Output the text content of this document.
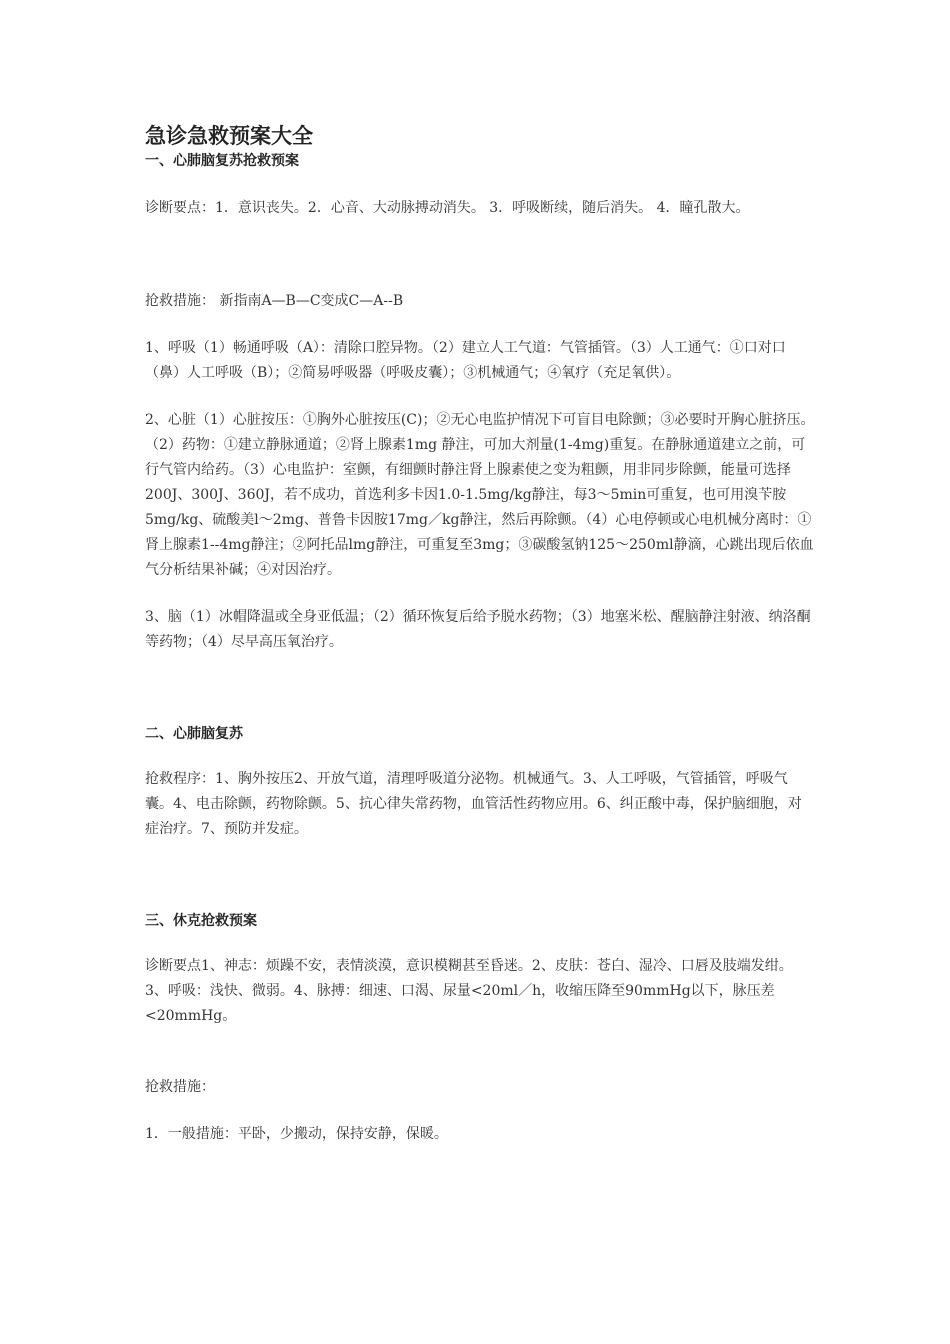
急诊急救预案大全
一、心肺脑复苏抢救预案

诊断要点：1．意识丧失。2．心音、大动脉搏动消失。 3．呼吸断续，随后消失。 4．瞳孔散大。

抢救措施： 新指南A—B—C变成C—A--B

1、呼吸（1）畅通呼吸（A）：清除口腔异物。（2）建立人工气道：气管插管。（3）人工通气：①口对口（鼻）人工呼吸（B）；②简易呼吸器（呼吸皮囊）；③机械通气；④氧疗（充足氧供）。

2、心脏（1）心脏按压：①胸外心脏按压(C)；②无心电监护情况下可盲目电除颤；③必要时开胸心脏挤压。（2）药物：①建立静脉通道；②肾上腺素1mg 静注，可加大剂量(1-4mg)重复。在静脉通道建立之前，可行气管内给药。（3）心电监护：室颤，有细颤时静注肾上腺素使之变为粗颤，用非同步除颤，能量可选择200J、300J、360J，若不成功，首选利多卡因1.0-1.5mg/kg静注，每3～5min可重复，也可用溴苄胺5mg/kg、硫酸美l～2mg、普鲁卡因胺17mg／kg静注，然后再除颤。（4）心电停顿或心电机械分离时：①肾上腺素1--4mg静注；②阿托品lmg静注，可重复至3mg；③碳酸氢钠125～250ml静滴，心跳出现后依血气分析结果补碱；④对因治疗。

3、脑（1）冰帽降温或全身亚低温；（2）循环恢复后给予脱水药物；（3）地塞米松、醒脑静注射液、纳洛酮等药物；（4）尽早高压氧治疗。

二、心肺脑复苏

抢救程序：1、胸外按压2、开放气道，清理呼吸道分泌物。机械通气。3、人工呼吸，气管插管，呼吸气囊。4、电击除颤，药物除颤。5、抗心律失常药物，血管活性药物应用。6、纠正酸中毒，保护脑细胞，对症治疗。7、预防并发症。

三、休克抢救预案

诊断要点1、神志：烦躁不安，表情淡漠，意识模糊甚至昏迷。2、皮肤：苍白、湿冷、口唇及肢端发绀。3、呼吸：浅快、微弱。4、脉搏：细速、口渴、尿量<20ml／h，收缩压降至90mmHg以下，脉压差<20mmHg。

抢救措施：

1．一般措施：平卧，少搬动，保持安静，保暖。
